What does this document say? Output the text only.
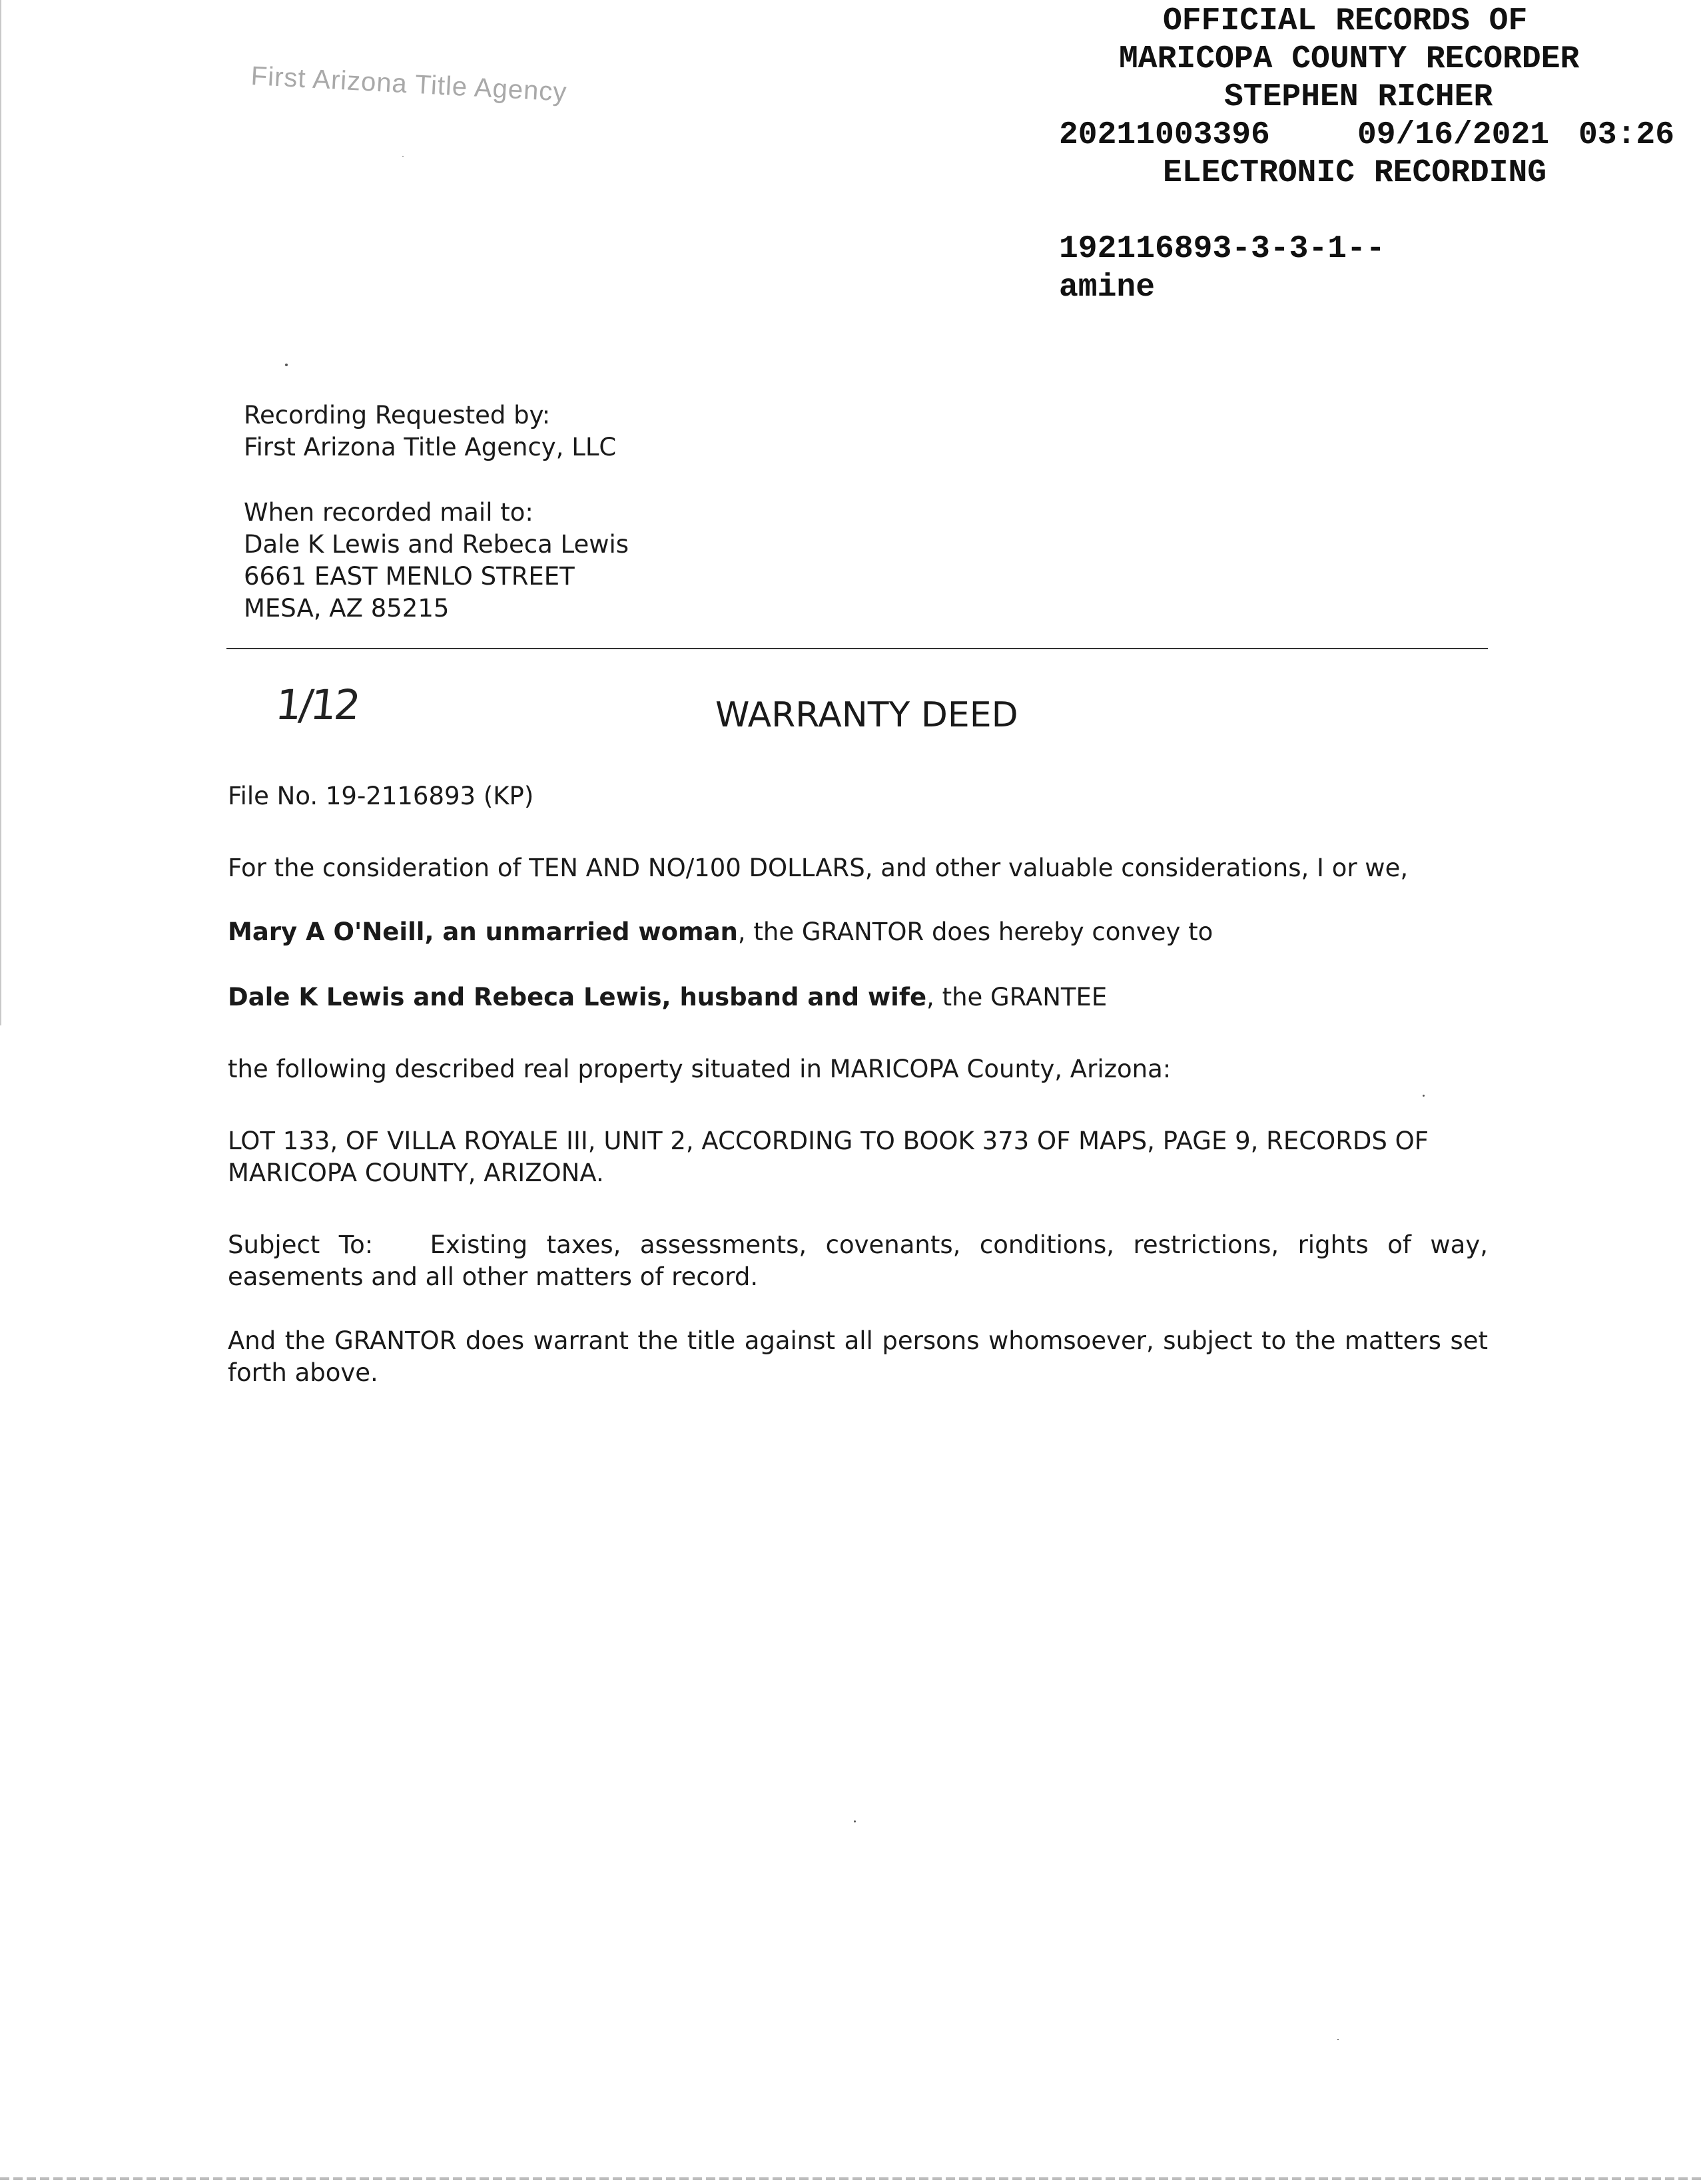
First Arizona Title Agency
OFFICIAL RECORDS OF
MARICOPA COUNTY RECORDER
STEPHEN RICHER
20211003396	09/16/2021 03:26
ELECTRONIC RECORDING
192116893-3-3-1--
amine
Recording Requested by:
First Arizona Title Agency, LLC
When recorded mail to:
Dale K Lewis and Rebeca Lewis
6661 EAST MENLO STREET
MESA, AZ 85215
1/12	WARRANTY DEED
File No. 19-2116893 (KP)
For the consideration of TEN AND NO/100 DOLLARS, and other valuable considerations, I or we,
Mary A O'Neill, an unmarried woman, the GRANTOR does hereby convey to
Dale K Lewis and Rebeca Lewis, husband and wife, the GRANTEE
the following described real property situated in MARICOPA County, Arizona:
LOT 133, OF VILLA ROYALE III, UNIT 2, ACCORDING TO BOOK 373 OF MAPS, PAGE 9, RECORDS OF
MARICOPA COUNTY, ARIZONA.
Subject To: Existing taxes, assessments, covenants, conditions, restrictions, rights of way, easements and all other matters of record.
And the GRANTOR does warrant the title against all persons whomsoever, subject to the matters set forth above.
